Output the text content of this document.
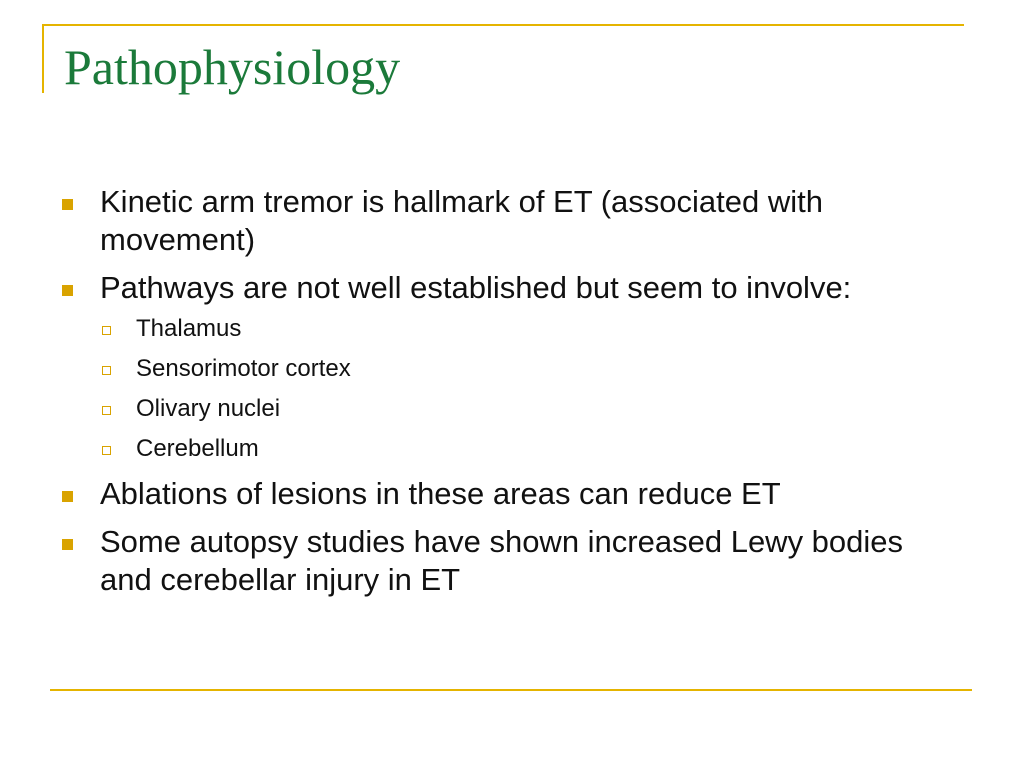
Pathophysiology
Kinetic arm tremor is hallmark of ET (associated with movement)
Pathways are not well established but seem to involve:
Thalamus
Sensorimotor cortex
Olivary nuclei
Cerebellum
Ablations of lesions in these areas can reduce ET
Some autopsy studies have shown increased Lewy bodies and cerebellar injury in ET
